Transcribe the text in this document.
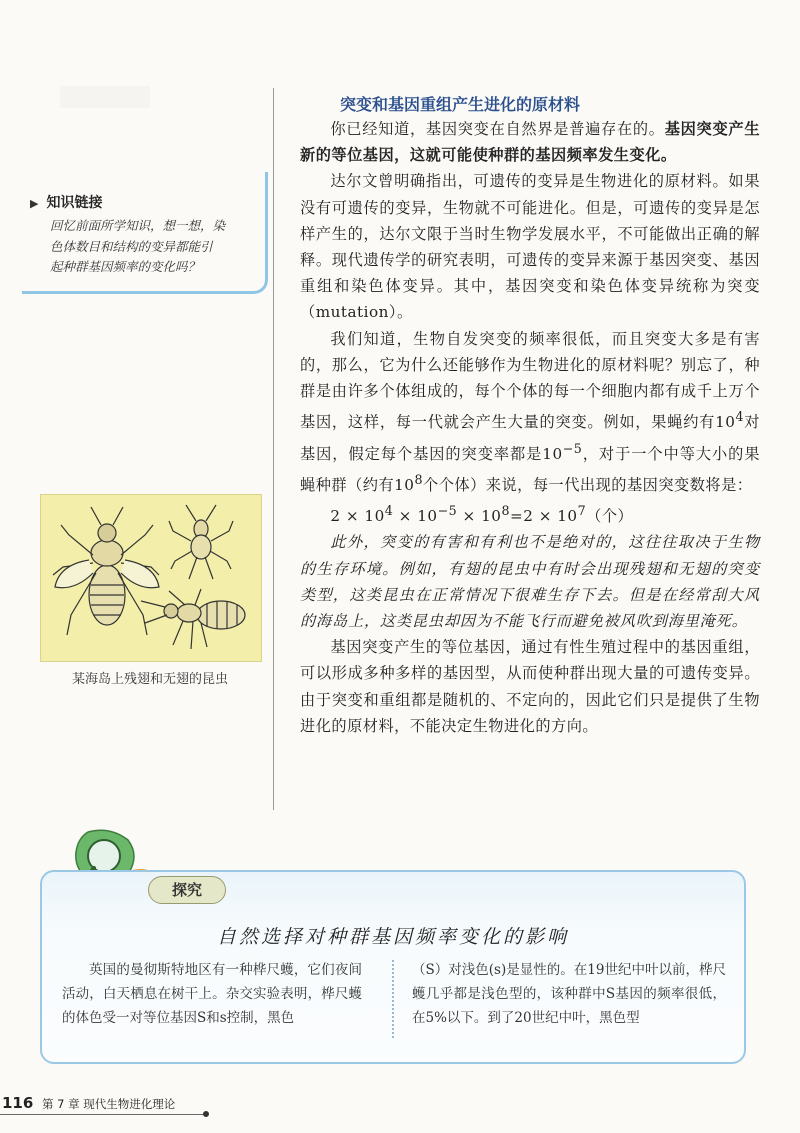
▶ 知识链接
回忆前面所学知识，想一想，染
色体数目和结构的变异都能引
起种群基因频率的变化吗？
某海岛上残翅和无翅的昆虫
突变和基因重组产生进化的原材料

你已经知道，基因突变在自然界是普遍存在的。基因突变产生新的等位基因，这就可能使种群的基因频率发生变化。

达尔文曾明确指出，可遗传的变异是生物进化的原材料。如果没有可遗传的变异，生物就不可能进化。但是，可遗传的变异是怎样产生的，达尔文限于当时生物学发展水平，不可能做出正确的解释。现代遗传学的研究表明，可遗传的变异来源于基因突变、基因重组和染色体变异。其中，基因突变和染色体变异统称为突变（mutation）。

我们知道，生物自发突变的频率很低，而且突变大多是有害的，那么，它为什么还能够作为生物进化的原材料呢？别忘了，种群是由许多个体组成的，每个个体的每一个细胞内都有成千上万个基因，这样，每一代就会产生大量的突变。例如，果蝇约有$10^4$对基因，假定每个基因的突变率都是$10^{-5}$，对于一个中等大小的果蝇种群（约有$10^8$个个体）来说，每一代出现的基因突变数将是：

$2 \times 10^4 \times 10^{-5} \times 10^8=2 \times 10^7$（个）

此外，突变的有害和有利也不是绝对的，这往往取决于生物的生存环境。例如，有翅的昆虫中有时会出现残翅和无翅的突变类型，这类昆虫在正常情况下很难生存下去。但是在经常刮大风的海岛上，这类昆虫却因为不能飞行而避免被风吹到海里淹死。

基因突变产生的等位基因，通过有性生殖过程中的基因重组，可以形成多种多样的基因型，从而使种群出现大量的可遗传变异。由于突变和重组都是随机的、不定向的，因此它们只是提供了生物进化的原材料，不能决定生物进化的方向。

探究
自然选择对种群基因频率变化的影响

英国的曼彻斯特地区有一种桦尺蠖，它们夜间活动，白天栖息在树干上。杂交实验表明，桦尺蠖的体色受一对等位基因S和s控制，黑色

（S）对浅色(s)是显性的。在19世纪中叶以前，桦尺蠖几乎都是浅色型的，该种群中S基因的频率很低，在5%以下。到了20世纪中叶，黑色型

116 第 7 章 现代生物进化理论
